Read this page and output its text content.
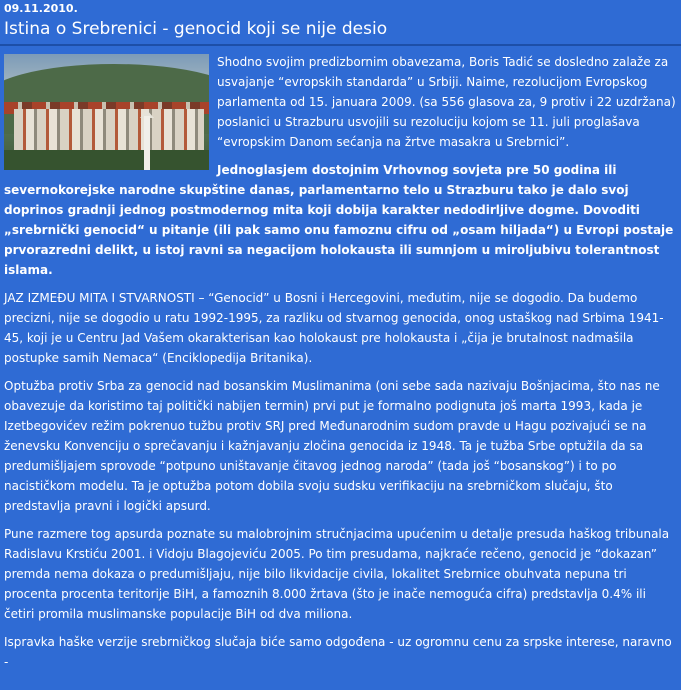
09.11.2010.
Istina o Srebrenici - genocid koji se nije desio

Shodno svojim predizbornim obavezama, Boris Tadić se dosledno zalaže za usvajanje “evropskih standarda” u Srbiji. Naime, rezolucijom Evropskog parlamenta od 15. januara 2009. (sa 556 glasova za, 9 protiv i 22 uzdržana) poslanici u Strazburu usvojili su rezoluciju kojom se 11. juli proglašava “evropskim Danom sećanja na žrtve masakra u Srebrnici”.

Jednoglasjem dostojnim Vrhovnog sovjeta pre 50 godina ili severnokorejske narodne skupštine danas, parlamentarno telo u Strazburu tako je dalo svoj doprinos gradnji jednog postmodernog mita koji dobija karakter nedodirljive dogme. Dovoditi „srebrnički genocid“ u pitanje (ili pak samo onu famoznu cifru od „osam hiljada“) u Evropi postaje prvorazredni delikt, u istoj ravni sa negacijom holokausta ili sumnjom u miroljubivu tolerantnost islama.

JAZ IZMEĐU MITA I STVARNOSTI – “Genocid” u Bosni i Hercegovini, međutim, nije se dogodio. Da budemo precizni, nije se dogodio u ratu 1992-1995, za razliku od stvarnog genocida, onog ustaškog nad Srbima 1941-45, koji je u Centru Jad Vašem okarakterisan kao holokaust pre holokausta i „čija je brutalnost nadmašila postupke samih Nemaca“ (Enciklopedija Britanika).

Optužba protiv Srba za genocid nad bosanskim Muslimanima (oni sebe sada nazivaju Bošnjacima, što nas ne obavezuje da koristimo taj politički nabijen termin) prvi put je formalno podignuta još marta 1993, kada je Izetbegovićev režim pokrenuo tužbu protiv SRJ pred Međunarodnim sudom pravde u Hagu pozivajući se na ženevsku Konvenciju o sprečavanju i kažnjavanju zločina genocida iz 1948. Ta je tužba Srbe optužila da sa predumišljajem sprovode “potpuno uništavanje čitavog jednog naroda” (tada još “bosanskog”) i to po nacističkom modelu. Ta je optužba potom dobila svoju sudsku verifikaciju na srebrničkom slučaju, što predstavlja pravni i logički apsurd.

Pune razmere tog apsurda poznate su malobrojnim stručnjacima upućenim u detalje presuda haškog tribunala Radislavu Krstiću 2001. i Vidoju Blagojeviću 2005. Po tim presudama, najkraće rečeno, genocid je “dokazan” premda nema dokaza o predumišljaju, nije bilo likvidacije civila, lokalitet Srebrnice obuhvata nepuna tri procenta procenta teritorije BiH, a famoznih 8.000 žrtava (što je inače nemoguća cifra) predstavlja 0.4% ili četiri promila muslimanske populacije BiH od dva miliona.

Ispravka haške verzije srebrničkog slučaja biće samo odgođena - uz ogromnu cenu za srpske interese, naravno -
